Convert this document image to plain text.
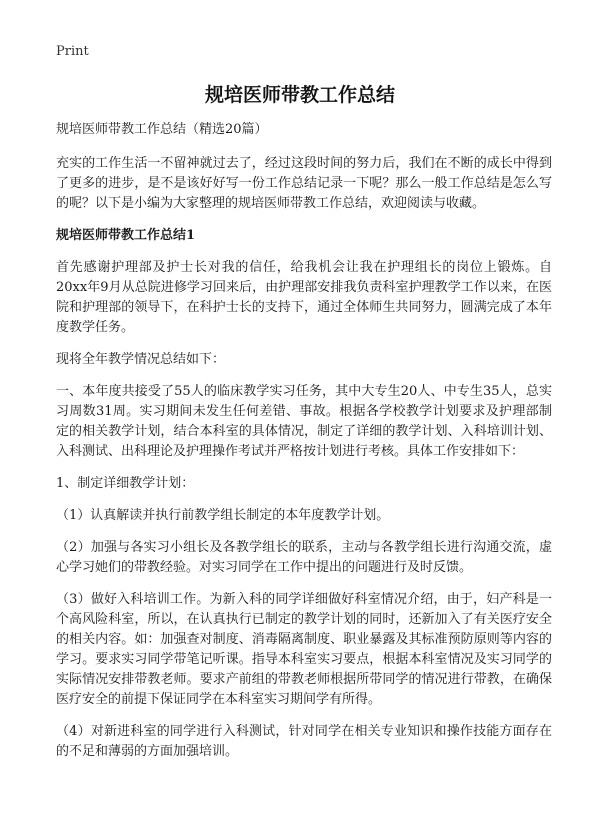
Print
规培医师带教工作总结

规培医师带教工作总结（精选20篇）

充实的工作生活一不留神就过去了，经过这段时间的努力后，我们在不断的成长中得到了更多的进步，是不是该好好写一份工作总结记录一下呢？那么一般工作总结是怎么写的呢？以下是小编为大家整理的规培医师带教工作总结，欢迎阅读与收藏。

规培医师带教工作总结1

首先感谢护理部及护士长对我的信任，给我机会让我在护理组长的岗位上锻炼。自20xx年9月从总院进修学习回来后，由护理部安排我负责科室护理教学工作以来，在医院和护理部的领导下，在科护士长的支持下，通过全体师生共同努力，圆满完成了本年度教学任务。

现将全年教学情况总结如下：

一、本年度共接受了55人的临床教学实习任务，其中大专生20人、中专生35人，总实习周数31周。实习期间未发生任何差错、事故。根据各学校教学计划要求及护理部制定的相关教学计划，结合本科室的具体情况，制定了详细的教学计划、入科培训计划、入科测试、出科理论及护理操作考试并严格按计划进行考核。具体工作安排如下：

1、制定详细教学计划：

（1）认真解读并执行前教学组长制定的本年度教学计划。

（2）加强与各实习小组长及各教学组长的联系，主动与各教学组长进行沟通交流，虚心学习她们的带教经验。对实习同学在工作中提出的问题进行及时反馈。

（3）做好入科培训工作。为新入科的同学详细做好科室情况介绍，由于，妇产科是一个高风险科室，所以，在认真执行已制定的教学计划的同时，还新加入了有关医疗安全的相关内容。如：加强查对制度、消毒隔离制度、职业暴露及其标准预防原则等内容的学习。要求实习同学带笔记听课。指导本科室实习要点，根据本科室情况及实习同学的实际情况安排带教老师。要求产前组的带教老师根据所带同学的情况进行带教，在确保医疗安全的前提下保证同学在本科室实习期间学有所得。

（4）对新进科室的同学进行入科测试，针对同学在相关专业知识和操作技能方面存在的不足和薄弱的方面加强培训。
